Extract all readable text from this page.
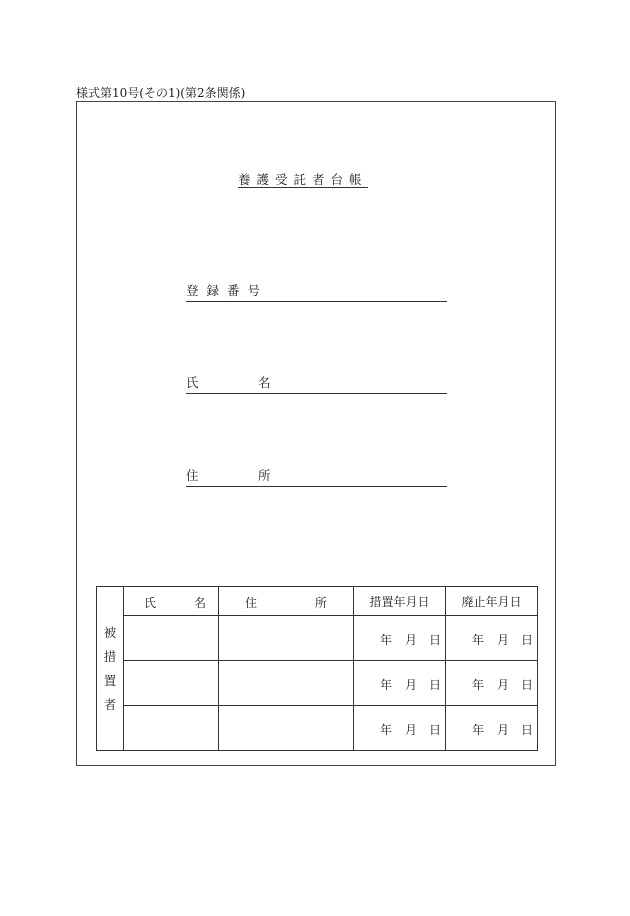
様式第10号(その1)(第2条関係)
養護受託者台帳
登録番号
氏	名
住	所
被
措
置
者	氏 名	住 所	措置年月日	廃止年月日

			年 月 日	年 月 日

			年 月 日	年 月 日

			年 月 日	年 月 日
